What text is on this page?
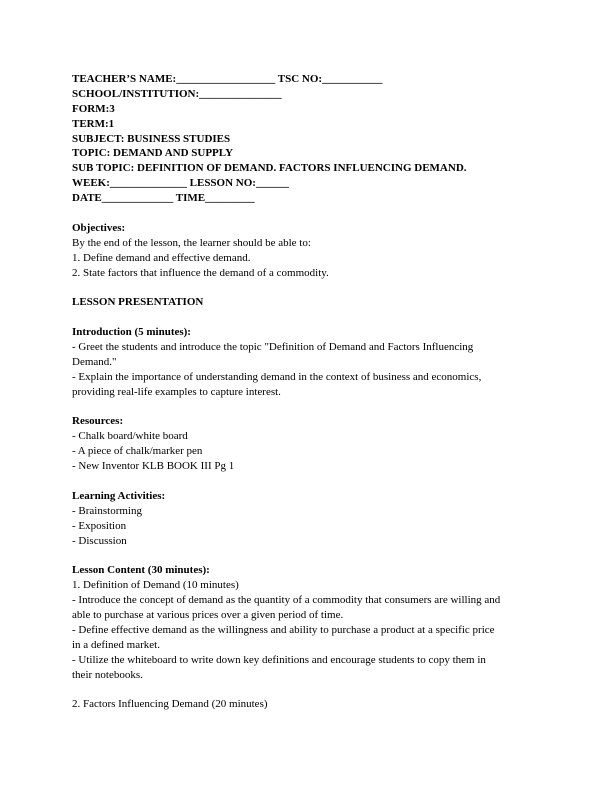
TEACHER’S NAME:__________________ TSC NO:___________
SCHOOL/INSTITUTION:_______________
FORM:3
TERM:1
SUBJECT: BUSINESS STUDIES
TOPIC: DEMAND AND SUPPLY
SUB TOPIC: DEFINITION OF DEMAND. FACTORS INFLUENCING DEMAND.
WEEK:______________ LESSON NO:______
DATE_____________ TIME_________
Objectives:
By the end of the lesson, the learner should be able to:
1. Define demand and effective demand.
2. State factors that influence the demand of a commodity.
LESSON PRESENTATION
Introduction (5 minutes):
- Greet the students and introduce the topic "Definition of Demand and Factors Influencing
Demand."
- Explain the importance of understanding demand in the context of business and economics,
providing real-life examples to capture interest.
Resources:
- Chalk board/white board
- A piece of chalk/marker pen
- New Inventor KLB BOOK III Pg 1
Learning Activities:
- Brainstorming
- Exposition
- Discussion
Lesson Content (30 minutes):
1. Definition of Demand (10 minutes)
- Introduce the concept of demand as the quantity of a commodity that consumers are willing and
able to purchase at various prices over a given period of time.
- Define effective demand as the willingness and ability to purchase a product at a specific price
in a defined market.
- Utilize the whiteboard to write down key definitions and encourage students to copy them in
their notebooks.
2. Factors Influencing Demand (20 minutes)
